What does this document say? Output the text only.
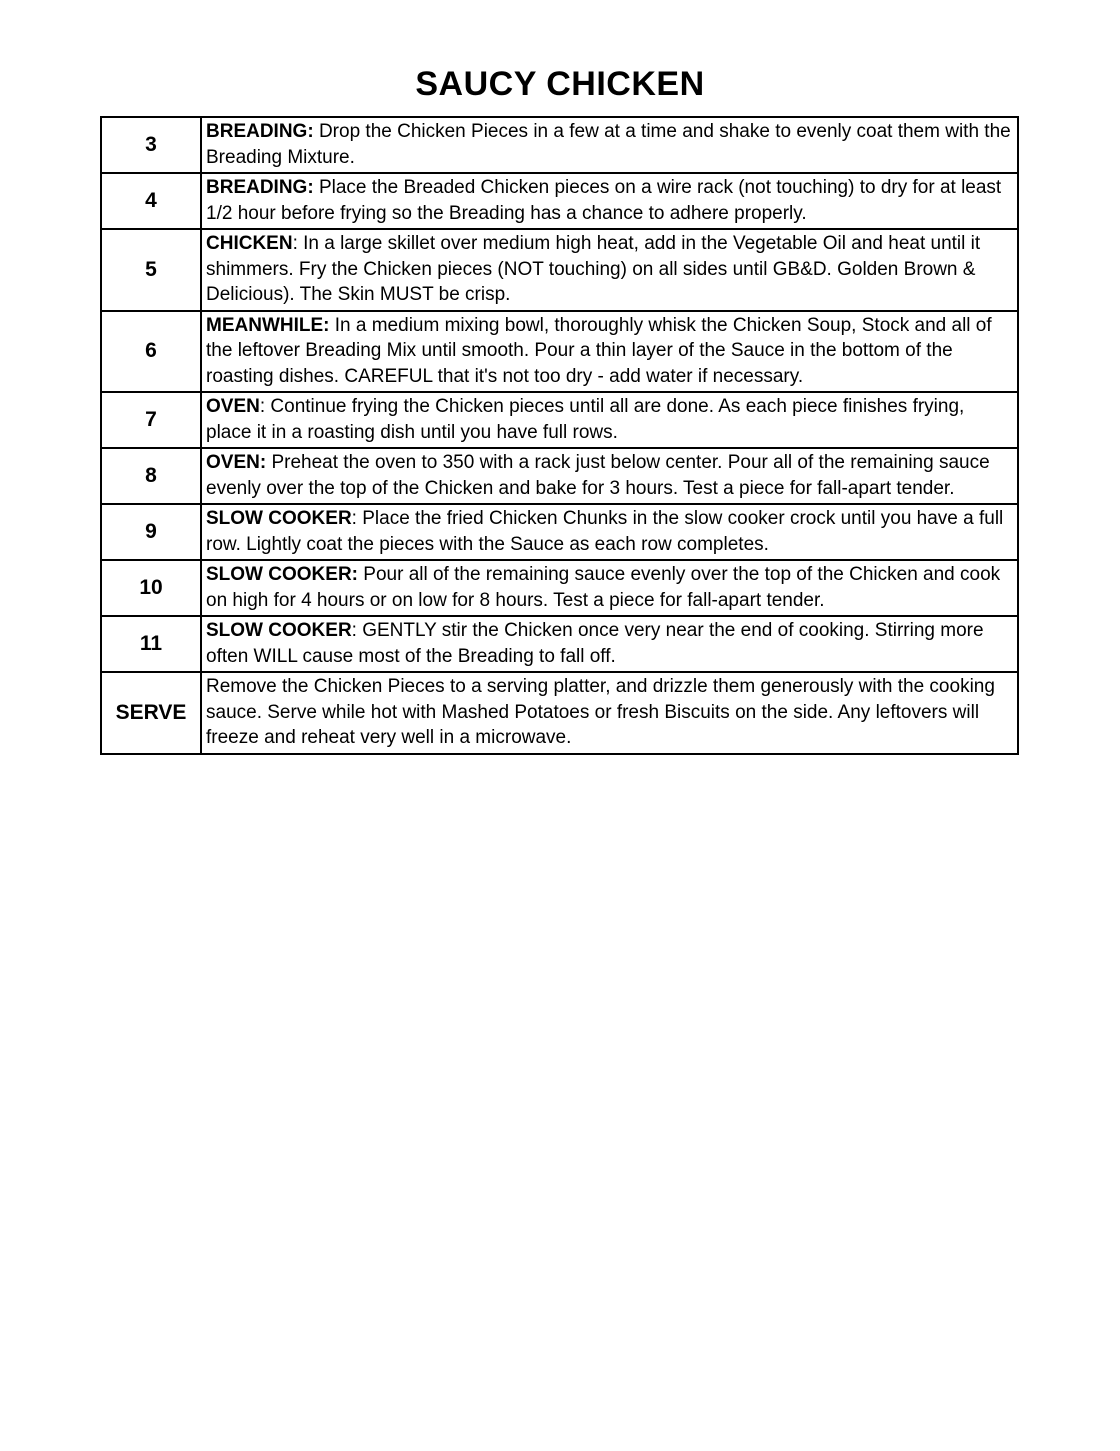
SAUCY CHICKEN
3	BREADING: Drop the Chicken Pieces in a few at a time and shake to evenly coat them with the Breading Mixture.
4	BREADING: Place the Breaded Chicken pieces on a wire rack (not touching) to dry for at least 1/2 hour before frying so the Breading has a chance to adhere properly.
5	CHICKEN: In a large skillet over medium high heat, add in the Vegetable Oil and heat until it shimmers. Fry the Chicken pieces (NOT touching) on all sides until GB&D. Golden Brown & Delicious). The Skin MUST be crisp.
6	MEANWHILE: In a medium mixing bowl, thoroughly whisk the Chicken Soup, Stock and all of the leftover Breading Mix until smooth. Pour a thin layer of the Sauce in the bottom of the roasting dishes. CAREFUL that it's not too dry - add water if necessary.
7	OVEN: Continue frying the Chicken pieces until all are done. As each piece finishes frying, place it in a roasting dish until you have full rows.
8	OVEN: Preheat the oven to 350 with a rack just below center. Pour all of the remaining sauce evenly over the top of the Chicken and bake for 3 hours. Test a piece for fall-apart tender.
9	SLOW COOKER: Place the fried Chicken Chunks in the slow cooker crock until you have a full row. Lightly coat the pieces with the Sauce as each row completes.
10	SLOW COOKER: Pour all of the remaining sauce evenly over the top of the Chicken and cook on high for 4 hours or on low for 8 hours. Test a piece for fall-apart tender.
11	SLOW COOKER: GENTLY stir the Chicken once very near the end of cooking. Stirring more often WILL cause most of the Breading to fall off.
SERVE	Remove the Chicken Pieces to a serving platter, and drizzle them generously with the cooking sauce. Serve while hot with Mashed Potatoes or fresh Biscuits on the side. Any leftovers will freeze and reheat very well in a microwave.
